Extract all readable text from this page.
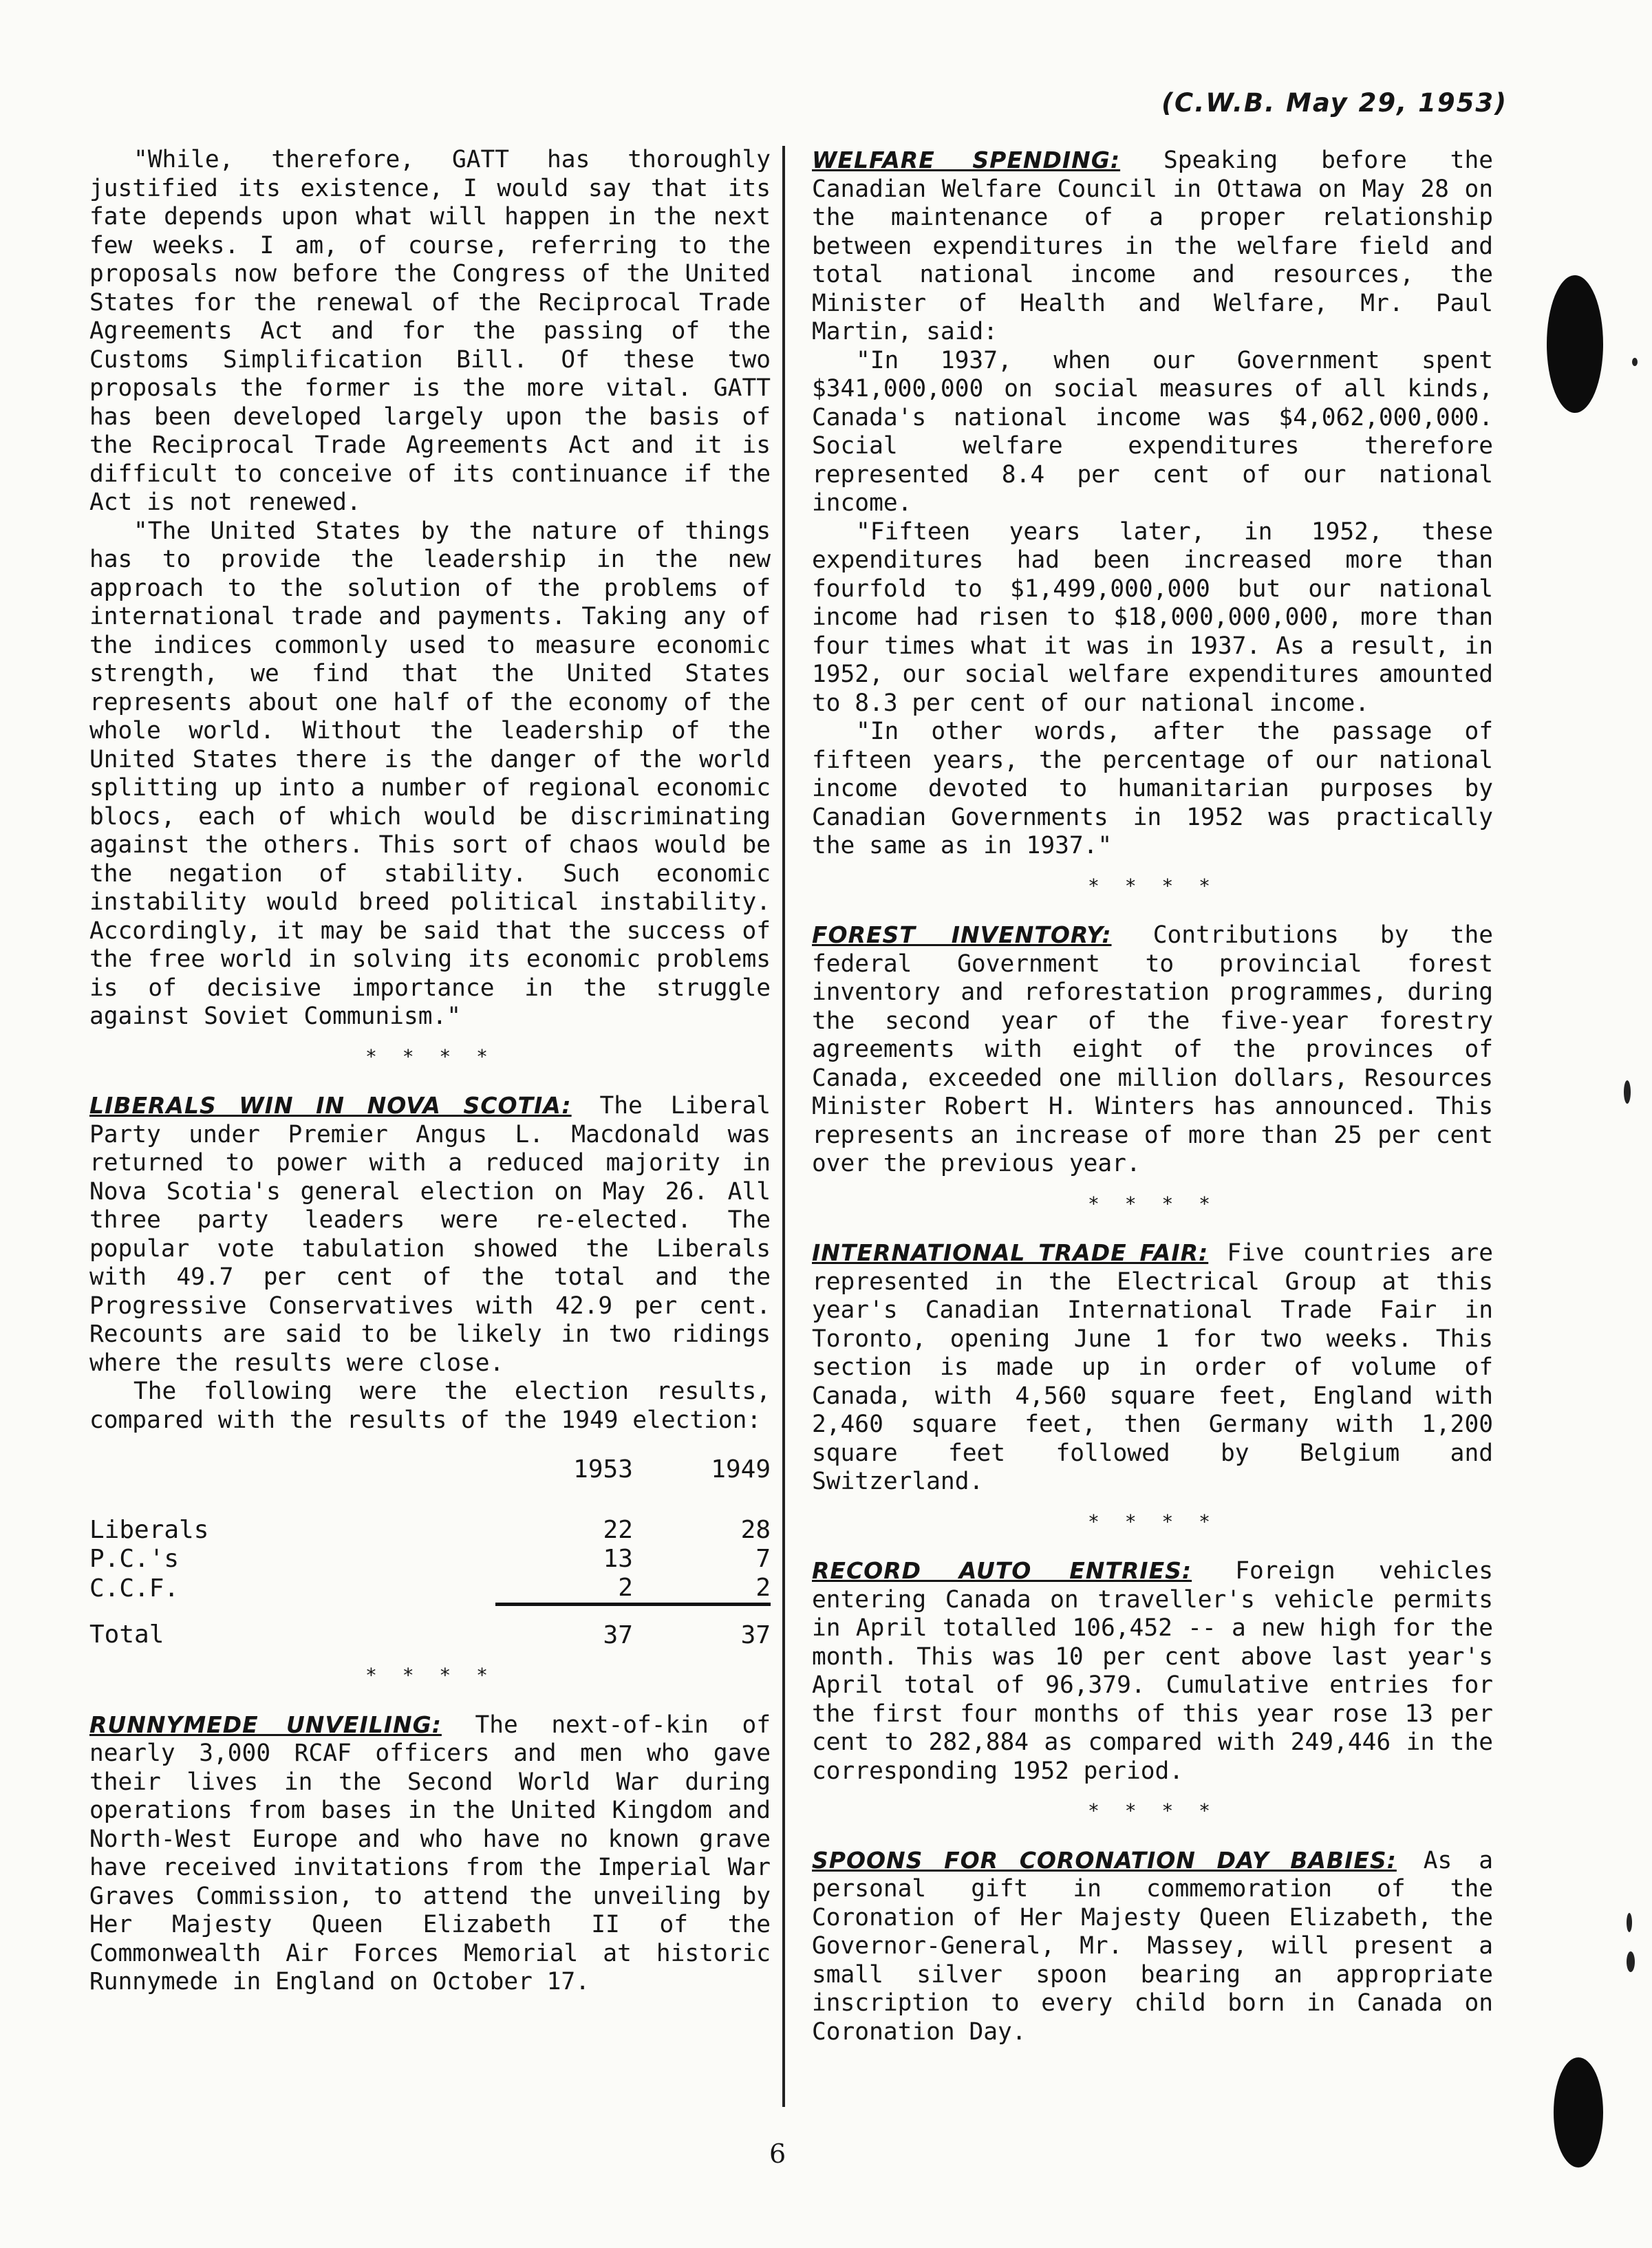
(C.W.B. May 29, 1953)

"While, therefore, GATT has thoroughly justified its existence, I would say that its fate depends upon what will happen in the next few weeks. I am, of course, referring to the proposals now before the Congress of the United States for the renewal of the Reciprocal Trade Agreements Act and for the passing of the Customs Simplification Bill. Of these two proposals the former is the more vital. GATT has been developed largely upon the basis of the Reciprocal Trade Agreements Act and it is difficult to conceive of its continuance if the Act is not renewed.

"The United States by the nature of things has to provide the leadership in the new approach to the solution of the problems of international trade and payments. Taking any of the indices commonly used to measure economic strength, we find that the United States represents about one half of the economy of the whole world. Without the leadership of the United States there is the danger of the world splitting up into a number of regional economic blocs, each of which would be discriminating against the others. This sort of chaos would be the negation of stability. Such economic instability would breed political instability. Accordingly, it may be said that the success of the free world in solving its economic problems is of decisive importance in the struggle against Soviet Communism."

* * * *

LIBERALS WIN IN NOVA SCOTIA: The Liberal Party under Premier Angus L. Macdonald was returned to power with a reduced majority in Nova Scotia's general election on May 26. All three party leaders were re-elected. The popular vote tabulation showed the Liberals with 49.7 per cent of the total and the Progressive Conservatives with 42.9 per cent. Recounts are said to be likely in two ridings where the results were close.

The following were the election results, compared with the results of the 1949 election:

	1953	1949
Liberals	22	28
P.C.'s	13	7
C.C.F.	2	2
Total	37	37
* * * *

RUNNYMEDE UNVEILING: The next-of-kin of nearly 3,000 RCAF officers and men who gave their lives in the Second World War during operations from bases in the United Kingdom and North-West Europe and who have no known grave have received invitations from the Imperial War Graves Commission, to attend the unveiling by Her Majesty Queen Elizabeth II of the Commonwealth Air Forces Memorial at historic Runnymede in England on October 17.

WELFARE SPENDING: Speaking before the Canadian Welfare Council in Ottawa on May 28 on the maintenance of a proper relationship between expenditures in the welfare field and total national income and resources, the Minister of Health and Welfare, Mr. Paul Martin, said:

"In 1937, when our Government spent $341,000,000 on social measures of all kinds, Canada's national income was $4,062,000,000. Social welfare expenditures therefore represented 8.4 per cent of our national income.

"Fifteen years later, in 1952, these expenditures had been increased more than fourfold to $1,499,000,000 but our national income had risen to $18,000,000,000, more than four times what it was in 1937. As a result, in 1952, our social welfare expenditures amounted to 8.3 per cent of our national income.

"In other words, after the passage of fifteen years, the percentage of our national income devoted to humanitarian purposes by Canadian Governments in 1952 was practically the same as in 1937."

* * * *

FOREST INVENTORY: Contributions by the federal Government to provincial forest inventory and reforestation programmes, during the second year of the five-year forestry agreements with eight of the provinces of Canada, exceeded one million dollars, Resources Minister Robert H. Winters has announced. This represents an increase of more than 25 per cent over the previous year.

* * * *

INTERNATIONAL TRADE FAIR: Five countries are represented in the Electrical Group at this year's Canadian International Trade Fair in Toronto, opening June 1 for two weeks. This section is made up in order of volume of Canada, with 4,560 square feet, England with 2,460 square feet, then Germany with 1,200 square feet followed by Belgium and Switzerland.

* * * *

RECORD AUTO ENTRIES: Foreign vehicles entering Canada on traveller's vehicle permits in April totalled 106,452 -- a new high for the month. This was 10 per cent above last year's April total of 96,379. Cumulative entries for the first four months of this year rose 13 per cent to 282,884 as compared with 249,446 in the corresponding 1952 period.

* * * *

SPOONS FOR CORONATION DAY BABIES: As a personal gift in commemoration of the Coronation of Her Majesty Queen Elizabeth, the Governor-General, Mr. Massey, will present a small silver spoon bearing an appropriate inscription to every child born in Canada on Coronation Day.

6
